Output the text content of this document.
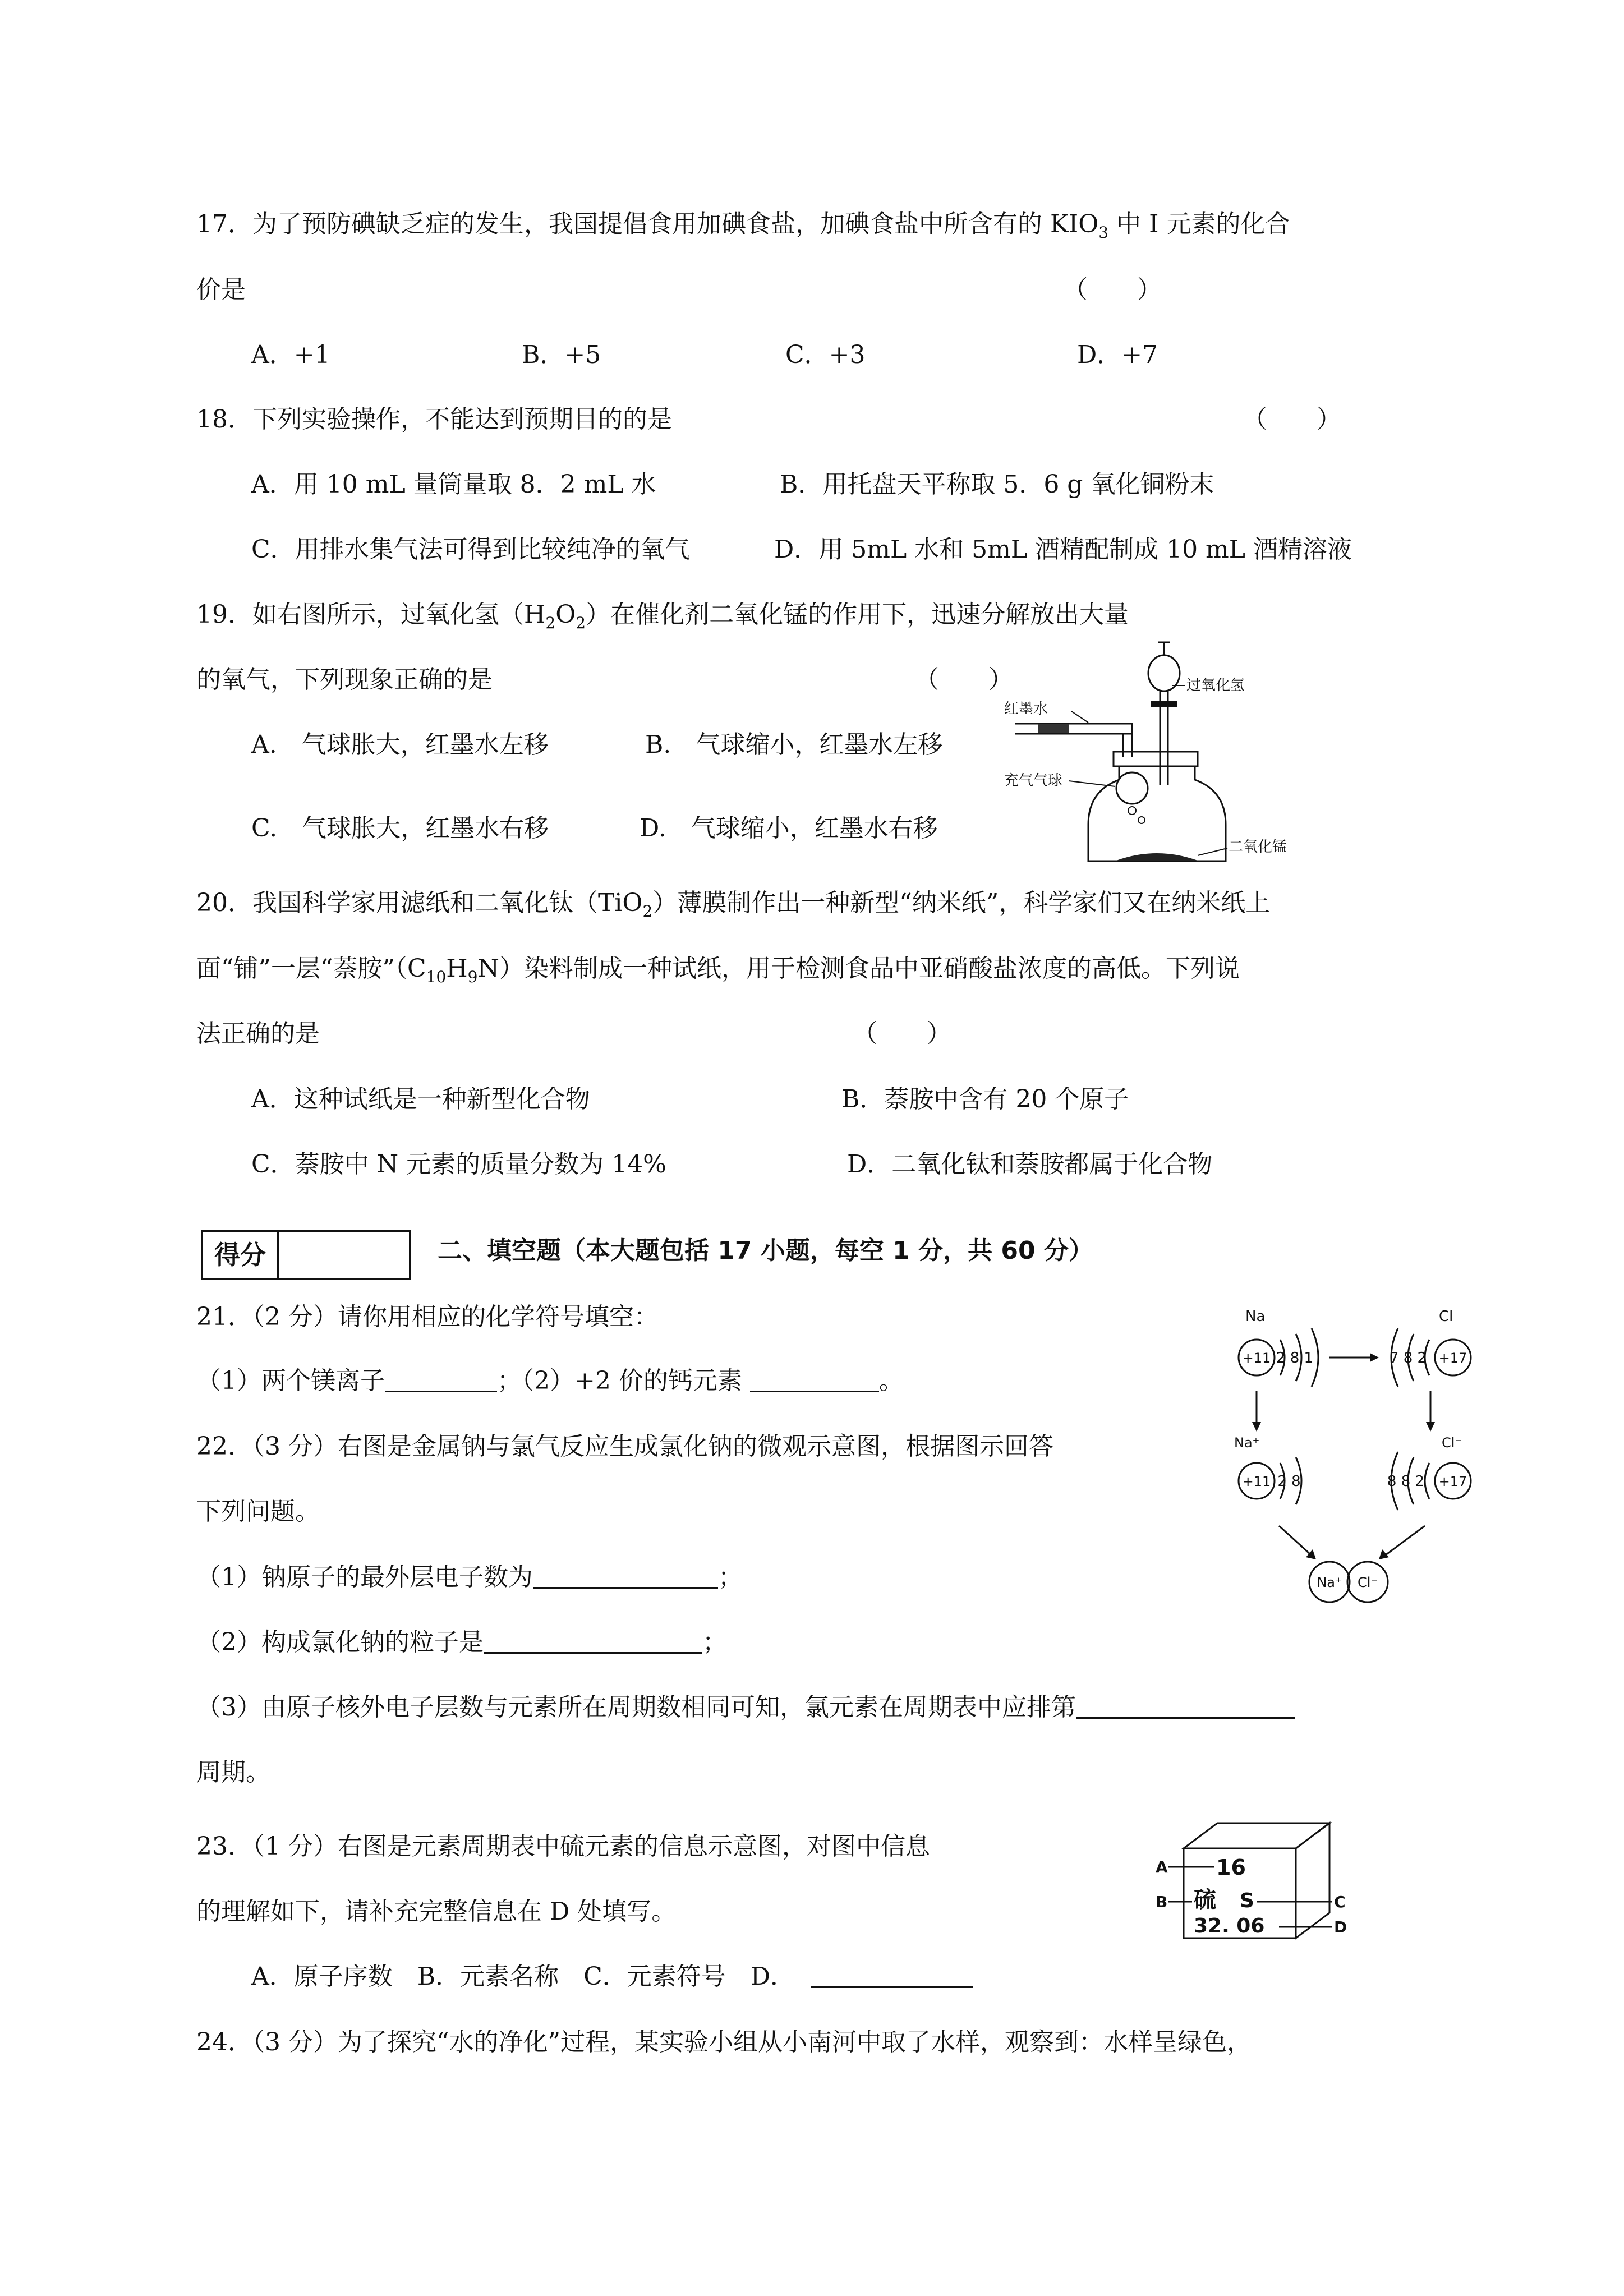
17．为了预防碘缺乏症的发生，我国提倡食用加碘食盐，加碘食盐中所含有的 $KIO_3$ 中 I 元素的化合
价是	（　　）
A．+1	B．+5	C．+3	D．+7
18．下列实验操作，不能达到预期目的的是	（　　）
A．用 10 mL 量筒量取 8．2 mL 水	B．用托盘天平称取 5．6 g 氧化铜粉末
C．用排水集气法可得到比较纯净的氧气	D．用 5mL 水和 5mL 酒精配制成 10 mL 酒精溶液
19．如右图所示，过氧化氢$(H_2O_2)$在催化剂二氧化锰的作用下，迅速分解放出大量
的氧气，下列现象正确的是	（　　）
A.　气球胀大，红墨水左移	B.　气球缩小，红墨水左移
C.　气球胀大，红墨水右移	D.　气球缩小，红墨水右移
红墨水
过氧化氢
充气气球
二氧化锰
20．我国科学家用滤纸和二氧化钛（TiO$_2$）薄膜制作出一种新型“纳米纸”，科学家们又在纳米纸上
面“铺”一层“萘胺$”(C_{10}H_9N)$染料制成一种试纸，用于检测食品中亚硝酸盐浓度的高低。下列说
法正确的是	（　　）
A．这种试纸是一种新型化合物	B．萘胺中含有 20 个原子
C．萘胺中 N 元素的质量分数为 14%	D．二氧化钛和萘胺都属于化合物
得分	二、填空题（本大题包括 17 小题，每空 1 分，共 60 分）
21．（2 分）请你用相应的化学符号填空：
（1）两个镁离子	；（2）+2 价的钙元素	。
22．（3 分）右图是金属钠与氯气反应生成氯化钠的微观示意图，根据图示回答
下列问题。
（1）钠原子的最外层电子数为	；
（2）构成氯化钠的粒子是	；
（3）由原子核外电子层数与元素所在周期数相同可知，氯元素在周期表中应排第
周期。
Na
+11 2 8 1
Cl
+17
7 8 2
Na⁺
+11 2 8
Cl⁻
+17
8 8 2
Na⁺ Cl⁻
23．（1 分）右图是元素周期表中硫元素的信息示意图，对图中信息
的理解如下，请补充完整信息在 D 处填写。
A．原子序数　B．元素名称　C．元素符号　D．
16
硫 S
32. 06
A
B	C
D
24．（3 分）为了探究“水的净化”过程，某实验小组从小南河中取了水样，观察到：水样呈绿色，
